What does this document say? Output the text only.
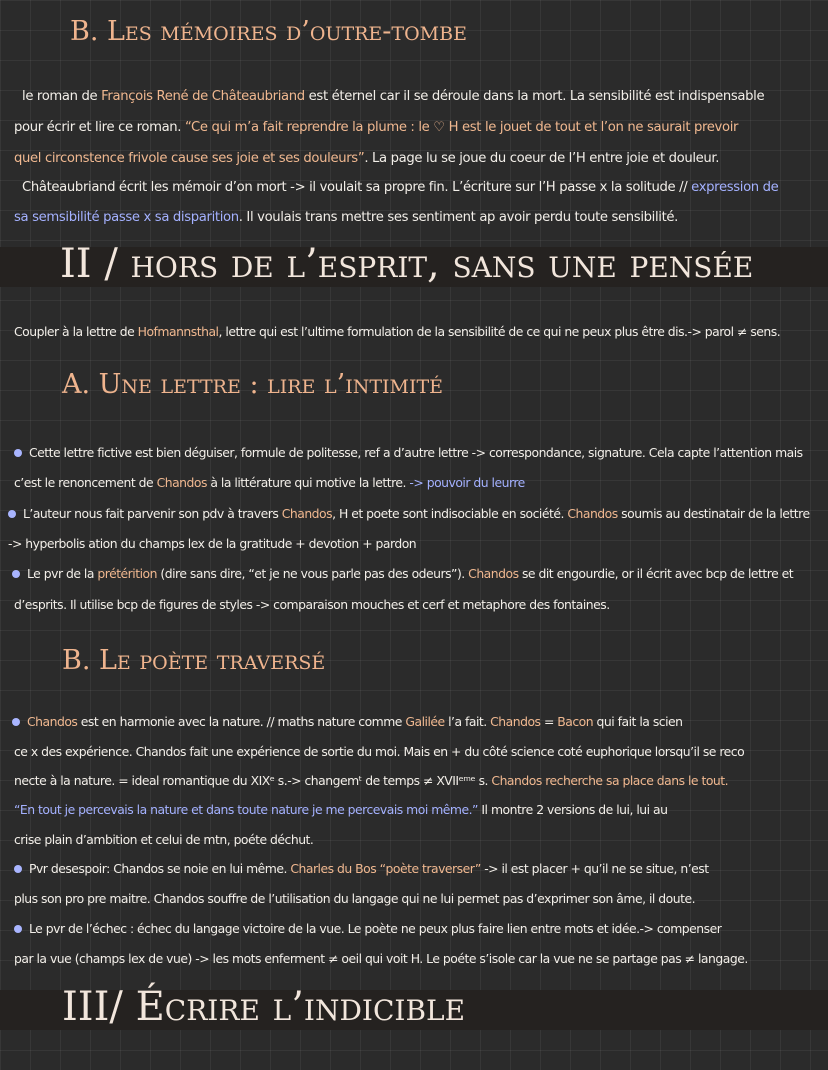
B. Les mémoires d’outre-tombe

le roman de François René de Châteaubriand est éternel car il se déroule dans la mort. La sensibilité est indispensable

pour écrir et lire ce roman. “Ce qui m’a fait reprendre la plume : le ♡ H est le jouet de tout et l’on ne saurait prevoir

quel circonstence frivole cause ses joie et ses douleurs”. La page lu se joue du coeur de l’H entre joie et douleur.

Châteaubriand écrit les mémoir d’on mort -> il voulait sa propre fin. L’écriture sur l’H passe x la solitude // expression de

sa semsibilité passe x sa disparition. Il voulais trans mettre ses sentiment ap avoir perdu toute sensibilité.

II / hors de l’esprit, sans une pensée

Coupler à la lettre de Hofmannsthal, lettre qui est l’ultime formulation de la sensibilité de ce qui ne peux plus être dis.-> parol ≠ sens.

A. Une lettre : lire l’intimité

Cette lettre fictive est bien déguiser, formule de politesse, ref a d’autre lettre -> correspondance, signature. Cela capte l’attention mais

c’est le renoncement de Chandos à la littérature qui motive la lettre. -> pouvoir du leurre

L’auteur nous fait parvenir son pdv à travers Chandos, H et poete sont indisociable en société. Chandos soumis au destinatair de la lettre

-> hyperbolis ation du champs lex de la gratitude + devotion + pardon

Le pvr de la prétérition (dire sans dire, “et je ne vous parle pas des odeurs”). Chandos se dit engourdie, or il écrit avec bcp de lettre et

d’esprits. Il utilise bcp de figures de styles -> comparaison mouches et cerf et metaphore des fontaines.

B. Le poète traversé

Chandos est en harmonie avec la nature. // maths nature comme Galilée l’a fait. Chandos = Bacon qui fait la scien

ce x des expérience. Chandos fait une expérience de sortie du moi. Mais en + du côté science coté euphorique lorsqu’il se reco

necte à la nature. = ideal romantique du XIXᵉ s.-> changemᵗ de temps ≠ XVIIᵉᵐᵉ s. Chandos recherche sa place dans le tout.

“En tout je percevais la nature et dans toute nature je me percevais moi même.” Il montre 2 versions de lui, lui au

crise plain d’ambition et celui de mtn, poéte déchut.

Pvr desespoir: Chandos se noie en lui même. Charles du Bos “poète traverser” -> il est placer + qu’il ne se situe, n’est

plus son pro pre maitre. Chandos souffre de l’utilisation du langage qui ne lui permet pas d’exprimer son âme, il doute.

Le pvr de l’échec : échec du langage victoire de la vue. Le poète ne peux plus faire lien entre mots et idée.-> compenser

par la vue (champs lex de vue) -> les mots enferment ≠ oeil qui voit H. Le poéte s’isole car la vue ne se partage pas ≠ langage.

III/ Écrire l’indicible
